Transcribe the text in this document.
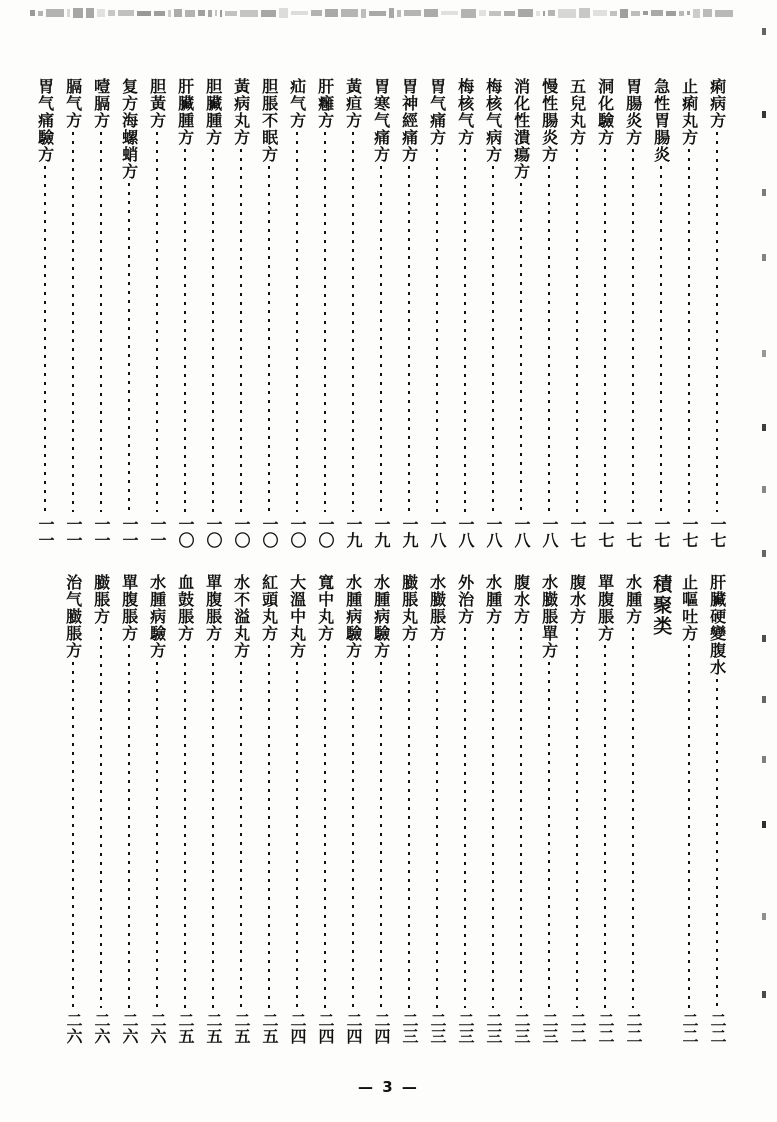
痢病方
一七
止痢丸方
一七
急性胃腸炎
一七
胃腸炎方
一七
洞化驗方
一七
五兒丸方
一七
慢性腸炎方
一八
消化性潰瘍方
一八
梅核气病方
一八
梅核气方
一八
胃气痛方
一八
胃神經痛方
一九
胃寒气痛方
一九
黃疸方
一九
肝癰方
一〇
疝气方
一〇
胆脹不眠方
一〇
黃病丸方
一〇
胆臟腫方
一〇
肝臟腫方
一〇
胆黃方
一一
复方海螺蛸方
一一
噎膈方
一一
膈气方
一一
胃气痛驗方
一一
肝臟硬變腹水
二二
止嘔吐方
二二
積聚类
水腫方
二二
單腹脹方
二二
腹水方
二二
水臌脹單方
二三
腹水方
二三
水腫方
二三
外治方
二三
水臌脹方
二三
臌脹丸方
二三
水腫病驗方
二四
水腫病驗方
二四
寬中丸方
二四
大溫中丸方
二四
紅頭丸方
二五
水不溢丸方
二五
單腹脹方
二五
血鼓脹方
二五
水腫病驗方
二六
單腹脹方
二六
臌脹方
二六
治气臌脹方
二六
— 3 —
